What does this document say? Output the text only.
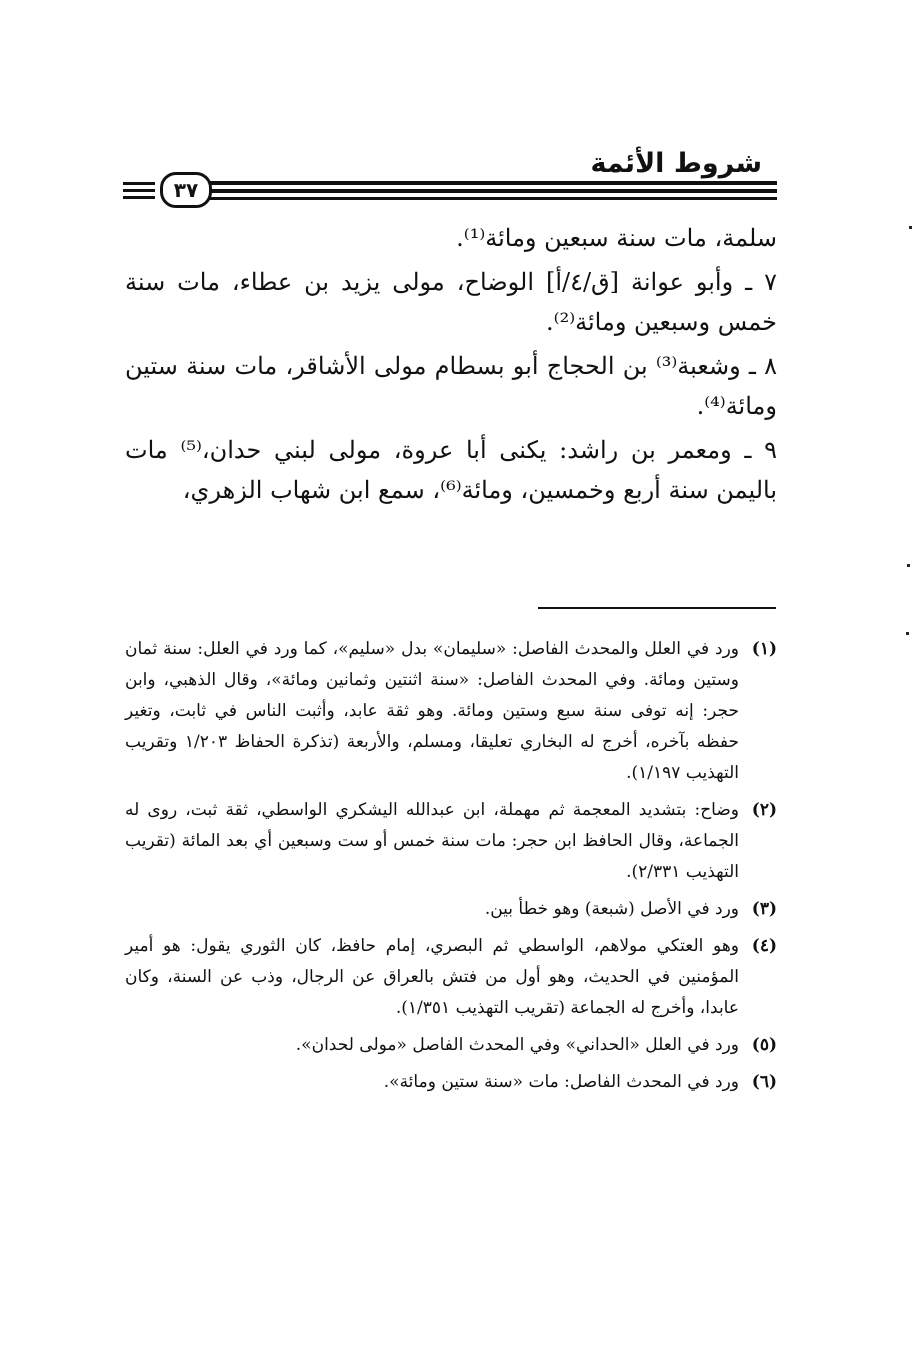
شروط الأئمة
٣٧

سلمة، مات سنة سبعين ومائة⁽¹⁾.

٧ ـ وأبو عوانة [ق/٤/أ] الوضاح، مولى يزيد بن عطاء، مات سنة خمس وسبعين ومائة⁽²⁾.

٨ ـ وشعبة⁽³⁾ بن الحجاج أبو بسطام مولى الأشاقر، مات سنة ستين ومائة⁽⁴⁾.

٩ ـ ومعمر بن راشد: يكنى أبا عروة، مولى لبني حدان،⁽⁵⁾ مات باليمن سنة أربع وخمسين، ومائة⁽⁶⁾، سمع ابن شهاب الزهري،

(١)
ورد في العلل والمحدث الفاصل: «سليمان» بدل «سليم»، كما ورد في العلل: سنة ثمان وستين ومائة. وفي المحدث الفاصل: «سنة اثنتين وثمانين ومائة»، وقال الذهبي، وابن حجر: إنه توفى سنة سبع وستين ومائة. وهو ثقة عابد، وأثبت الناس في ثابت، وتغير حفظه بآخره، أخرج له البخاري تعليقا، ومسلم، والأربعة (تذكرة الحفاظ ١/٢٠٣ وتقريب التهذيب ١/١٩٧).
(٢)
وضاح: بتشديد المعجمة ثم مهملة، ابن عبدالله اليشكري الواسطي، ثقة ثبت، روى له الجماعة، وقال الحافظ ابن حجر: مات سنة خمس أو ست وسبعين أي بعد المائة (تقريب التهذيب ٢/٣٣١).
(٣)
ورد في الأصل (شبعة) وهو خطأ بين.
(٤)
وهو العتكي مولاهم، الواسطي ثم البصري، إمام حافظ، كان الثوري يقول: هو أمير المؤمنين في الحديث، وهو أول من فتش بالعراق عن الرجال، وذب عن السنة، وكان عابدا، وأخرج له الجماعة (تقريب التهذيب ١/٣٥١).
(٥)
ورد في العلل «الحداني» وفي المحدث الفاصل «مولى لحدان».
(٦)
ورد في المحدث الفاصل: مات «سنة ستين ومائة».
